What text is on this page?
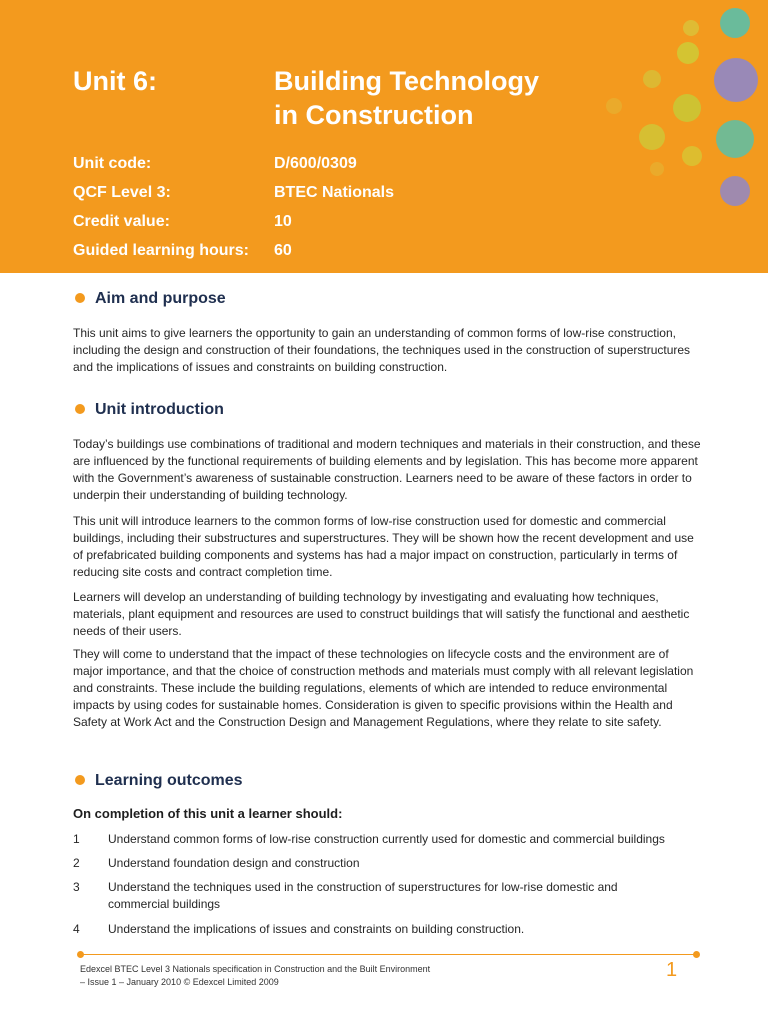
Unit 6:	Building Technology
in Construction
Unit code:	D/600/0309
QCF Level 3:	BTEC Nationals
Credit value:	10
Guided learning hours: 60
Aim and purpose
This unit aims to give learners the opportunity to gain an understanding of common forms of low-rise construction, including the design and construction of their foundations, the techniques used in the construction of superstructures and the implications of issues and constraints on building construction.
Unit introduction
Today’s buildings use combinations of traditional and modern techniques and materials in their construction, and these are influenced by the functional requirements of building elements and by legislation. This has become more apparent with the Government’s awareness of sustainable construction. Learners need to be aware of these factors in order to underpin their understanding of building technology.
This unit will introduce learners to the common forms of low-rise construction used for domestic and commercial buildings, including their substructures and superstructures. They will be shown how the recent development and use of prefabricated building components and systems has had a major impact on construction, particularly in terms of reducing site costs and contract completion time.
Learners will develop an understanding of building technology by investigating and evaluating how techniques, materials, plant equipment and resources are used to construct buildings that will satisfy the functional and aesthetic needs of their users.
They will come to understand that the impact of these technologies on lifecycle costs and the environment are of major importance, and that the choice of construction methods and materials must comply with all relevant legislation and constraints. These include the building regulations, elements of which are intended to reduce environmental impacts by using codes for sustainable homes. Consideration is given to specific provisions within the Health and Safety at Work Act and the Construction Design and Management Regulations, where they relate to site safety.
Learning outcomes
On completion of this unit a learner should:
1 Understand common forms of low-rise construction currently used for domestic and commercial buildings
2 Understand foundation design and construction
3 Understand the techniques used in the construction of superstructures for low-rise domestic and commercial buildings
4 Understand the implications of issues and constraints on building construction.
Edexcel BTEC Level 3 Nationals specification in Construction and the Built Environment
– Issue 1 – January 2010 © Edexcel Limited 2009
1
